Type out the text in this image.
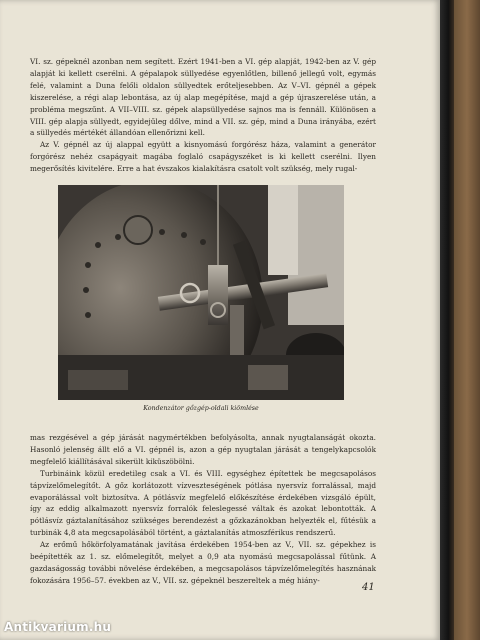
VI. sz. gépeknél azonban nem segített. Ezért 1941-ben a VI. gép alapját, 1942-ben az V. gép alapját ki kellett cserélni. A gépalapok süllyedése egyenlőtlen, billenő jellegű volt, egymás felé, valamint a Duna felőli oldalon süllyedtek erőteljesebben. Az V–VI. gépnél a gépek kiszerelése, a régi alap lebontása, az új alap megépítése, majd a gép újraszerelése után, a probléma megszűnt. A VII–VIII. sz. gépek alapsüllyedése sajnos ma is fennáll. Különösen a VIII. gép alapja süllyedt, egyidejűleg dőlve, mind a VII. sz. gép, mind a Duna irányába, ezért a süllyedés mértékét állandóan ellenőrizni kell.

Az V. gépnél az új alappal együtt a kisnyomású forgórész háza, valamint a generátor forgórész nehéz csapágyait magába foglaló csapágyszéket is ki kellett cserélni. Ilyen megerősítés kivitelére. Erre a hat évszakos kialakításra csatolt volt szükség, mely rugal-

Kondenzátor gőzgép-oldali kiömlése

mas rezgésével a gép járását nagymértékben befolyásolta, annak nyugtalanságát okozta. Hasonló jelenség állt elő a VI. gépnél is, azon a gép nyugtalan járását a tengelykapcsolók megfelelő kiállításával sikerült kiküszöbölni.

Turbináink közül eredetileg csak a VI. és VIII. egységhez építettek be megcsapolásos tápvízelőmelegítőt. A gőz korlátozott vízveszteségének pótlása nyersvíz forralással, majd evaporálással volt biztosítva. A pótlásvíz megfelelő előkészítése érdekében vizsgáló épült, így az eddig alkalmazott nyersvíz forralók feleslegessé váltak és azokat lebontották. A pótlásvíz gáztalanításához szükséges berendezést a gőzkazánokban helyezték el, fűtésük a turbinák 4,8 ata megcsapolásából történt, a gáztalanítás atmoszférikus rendszerű.

Az erőmű hőkörfolyamatának javítása érdekében 1954-ben az V., VII. sz. gépekhez is beépítették az 1. sz. előmelegítőt, melyet a 0,9 ata nyomású megcsapolással fűtünk. A gazdaságosság további növelése érdekében, a megcsapolásos tápvízelőmelegítés hasznának fokozására 1956–57. években az V., VII. sz. gépeknél beszereltek a még hiány-

41
Antikvarium.hu
